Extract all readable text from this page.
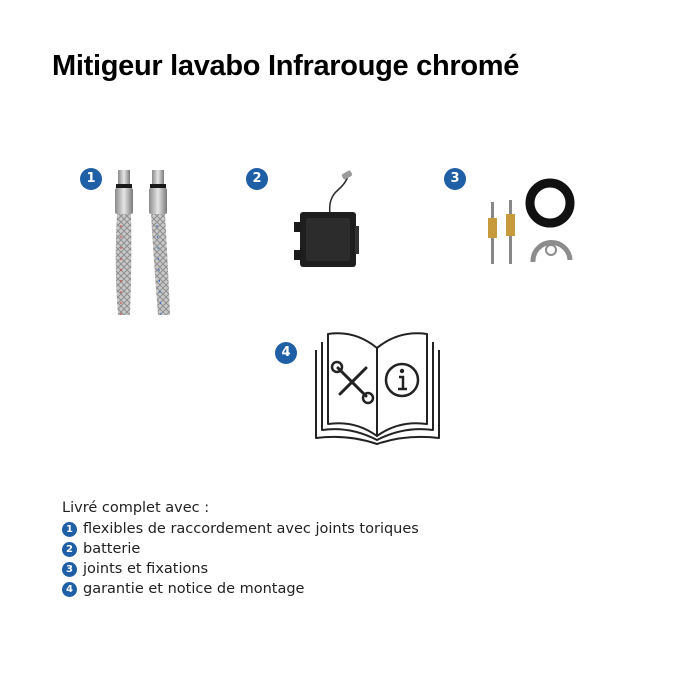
Mitigeur lavabo Infrarouge chromé
1	2	3
4
Livré complet avec :
1 flexibles de raccordement avec joints toriques
2 batterie
3 joints et fixations
4 garantie et notice de montage
